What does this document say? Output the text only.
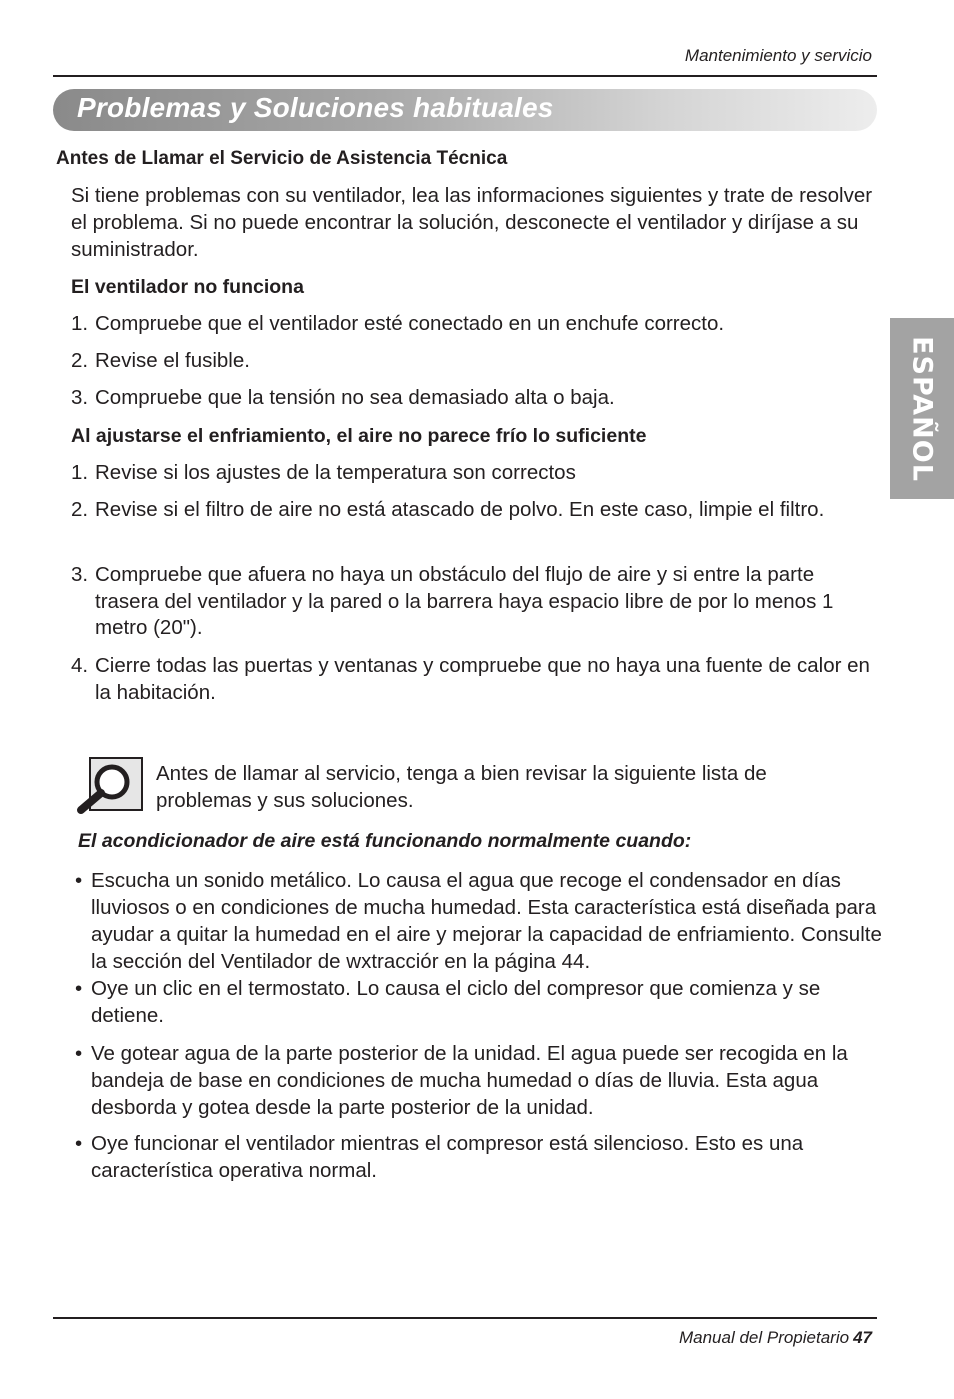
Mantenimiento y servicio
Problemas y Soluciones habituales
ESPAÑOL
Antes de Llamar el Servicio de Asistencia Técnica
Si tiene problemas con su ventilador, lea las informaciones siguientes y trate de resolver el problema. Si no puede encontrar la solución, desconecte el ventilador y diríjase a su suministrador.
El ventilador no funciona
1. Compruebe que el ventilador esté conectado en un enchufe correcto.
2. Revise el fusible.
3. Compruebe que la tensión no sea demasiado alta o baja.
Al ajustarse el enfriamiento, el aire no parece frío lo suficiente
1. Revise si los ajustes de la temperatura son correctos
2. Revise si el filtro de aire no está atascado de polvo. En este caso, limpie el filtro.
3. Compruebe que afuera no haya un obstáculo del flujo de aire y si entre la parte trasera del ventilador y la pared o la barrera haya espacio libre de por lo menos 1 metro (20").
4. Cierre todas las puertas y ventanas y compruebe que no haya una fuente de calor en la habitación.
Antes de llamar al servicio, tenga a bien revisar la siguiente lista de problemas y sus soluciones.
El acondicionador de aire está funcionando normalmente cuando:
• Escucha un sonido metálico. Lo causa el agua que recoge el condensador en días lluviosos o en condiciones de mucha humedad. Esta característica está diseñada para ayudar a quitar la humedad en el aire y mejorar la capacidad de enfriamiento. Consulte la sección del Ventilador de wxtracciór en la página 44.
• Oye un clic en el termostato. Lo causa el ciclo del compresor que comienza y se detiene.
• Ve gotear agua de la parte posterior de la unidad. El agua puede ser recogida en la bandeja de base en condiciones de mucha humedad o días de lluvia. Esta agua desborda y gotea desde la parte posterior de la unidad.
• Oye funcionar el ventilador mientras el compresor está silencioso. Esto es una característica operativa normal.
Manual del Propietario 47
